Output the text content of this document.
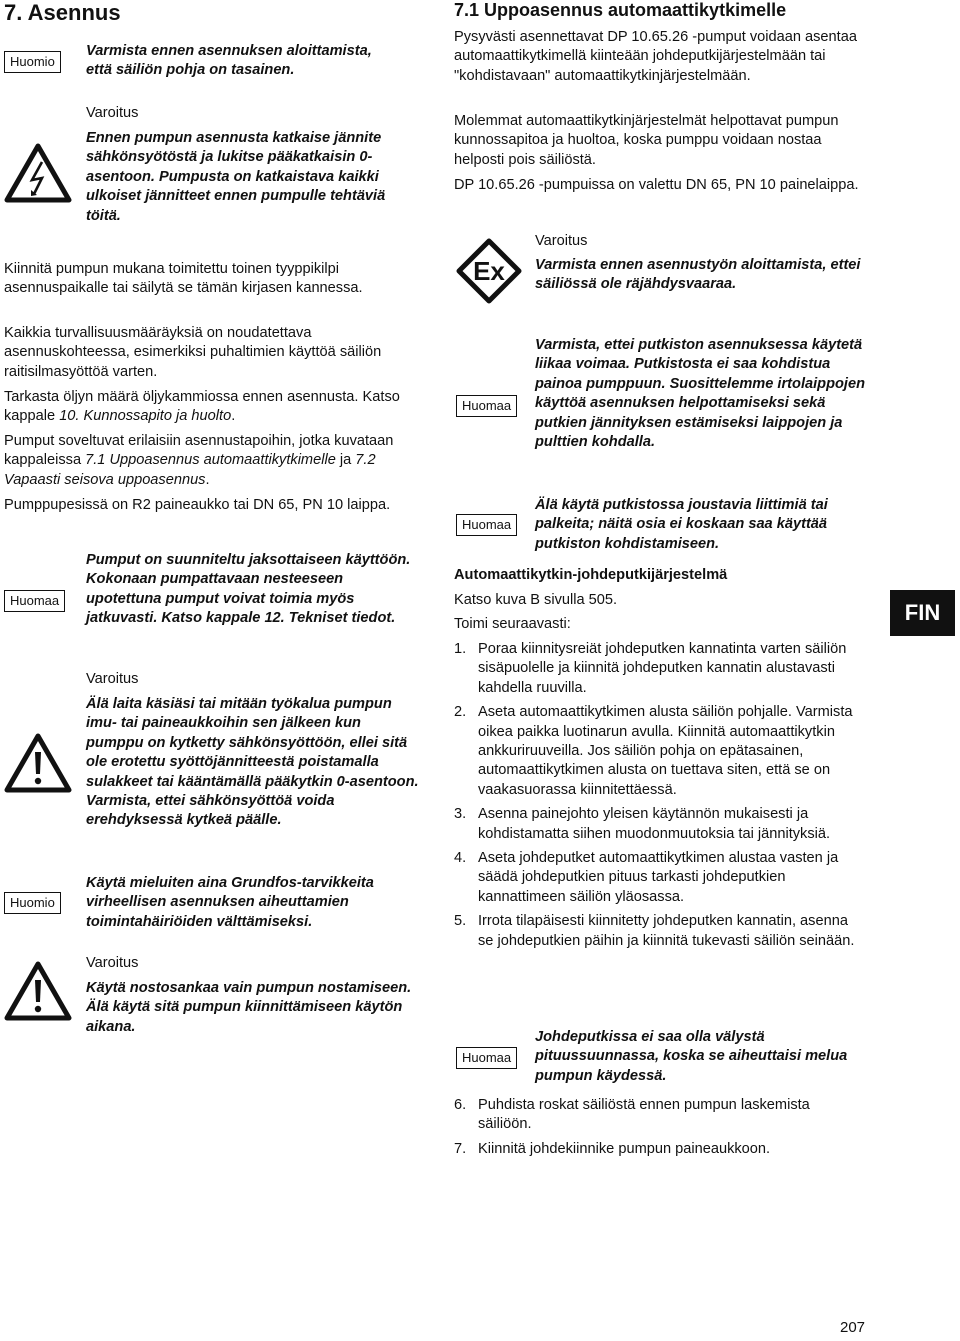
7. Asennus
Huomio

Varmista ennen asennuksen aloittamista, että säiliön pohja on tasainen.

Varoitus

Ennen pumpun asennusta katkaise jännite sähkönsyötöstä ja lukitse pääkatkaisin 0-asentoon. Pumpusta on katkaistava kaikki ulkoiset jännitteet ennen pumpulle tehtäviä töitä.

Kiinnitä pumpun mukana toimitettu toinen tyyppikilpi asennuspaikalle tai säilytä se tämän kirjasen kannessa.

Kaikkia turvallisuusmääräyksiä on noudatettava asennuskohteessa, esimerkiksi puhaltimien käyttöä säiliön raitisilmasyöttöä varten.

Tarkasta öljyn määrä öljykammiossa ennen asennusta. Katso kappale 10. Kunnossapito ja huolto.

Pumput soveltuvat erilaisiin asennustapoihin, jotka kuvataan kappaleissa 7.1 Uppoasennus automaattikytkimelle ja 7.2 Vapaasti seisova uppoasennus.

Pumppupesissä on R2 paineaukko tai DN 65, PN 10 laippa.

Huomaa

Pumput on suunniteltu jaksottaiseen käyttöön. Kokonaan pumpattavaan nesteeseen upotettuna pumput voivat toimia myös jatkuvasti. Katso kappale 12. Tekniset tiedot.

Varoitus

Älä laita käsiäsi tai mitään työkalua pumpun imu- tai paineaukkoihin sen jälkeen kun pumppu on kytketty sähkönsyöttöön, ellei sitä ole erotettu syöttöjännitteestä poistamalla sulakkeet tai kääntämällä pääkytkin 0-asentoon. Varmista, ettei sähkönsyöttöä voida erehdyksessä kytkeä päälle.

Huomio

Käytä mieluiten aina Grundfos-tarvikkeita virheellisen asennuksen aiheuttamien toimintahäiriöiden välttämiseksi.

Varoitus

Käytä nostosankaa vain pumpun nostamiseen. Älä käytä sitä pumpun kiinnittämiseen käytön aikana.

7.1 Uppoasennus automaattikytkimelle

Pysyvästi asennettavat DP 10.65.26 -pumput voidaan asentaa automaattikytkimellä kiinteään johdeputkijärjestelmään tai "kohdistavaan" automaattikytkinjärjestelmään.

Molemmat automaattikytkinjärjestelmät helpottavat pumpun kunnossapitoa ja huoltoa, koska pumppu voidaan nostaa helposti pois säiliöstä.

DP 10.65.26 -pumpuissa on valettu DN 65, PN 10 painelaippa.

Ex

Varoitus

Varmista ennen asennustyön aloittamista, ettei säiliössä ole räjähdysvaaraa.

Huomaa

Varmista, ettei putkiston asennuksessa käytetä liikaa voimaa. Putkistosta ei saa kohdistua painoa pumppuun. Suosittelemme irtolaippojen käyttöä asennuksen helpottamiseksi sekä putkien jännityksen estämiseksi laippojen ja pulttien kohdalla.

Huomaa

Älä käytä putkistossa joustavia liittimiä tai palkeita; näitä osia ei koskaan saa käyttää putkiston kohdistamiseen.

Automaattikytkin-johdeputkijärjestelmä

Katso kuva B sivulla 505.

Toimi seuraavasti:

1. Poraa kiinnitysreiät johdeputken kannatinta varten säiliön sisäpuolelle ja kiinnitä johdeputken kannatin alustavasti kahdella ruuvilla.
2. Aseta automaattikytkimen alusta säiliön pohjalle. Varmista oikea paikka luotinarun avulla. Kiinnitä automaattikytkin ankkuriruuveilla. Jos säiliön pohja on epätasainen, automaattikytkimen alusta on tuettava siten, että se on vaakasuorassa kiinnitettäessä.
3. Asenna painejohto yleisen käytännön mukaisesti ja kohdistamatta siihen muodonmuutoksia tai jännityksiä.
4. Aseta johdeputket automaattikytkimen alustaa vasten ja säädä johdeputkien pituus tarkasti johdeputkien kannattimeen säiliön yläosassa.
5. Irrota tilapäisesti kiinnitetty johdeputken kannatin, asenna se johdeputkien päihin ja kiinnitä tukevasti säiliön seinään.
Huomaa

Johdeputkissa ei saa olla välystä pituussuunnassa, koska se aiheuttaisi melua pumpun käydessä.

6. Puhdista roskat säiliöstä ennen pumpun laskemista säiliöön.
7. Kiinnitä johdekiinnike pumpun paineaukkoon.
FIN
207
